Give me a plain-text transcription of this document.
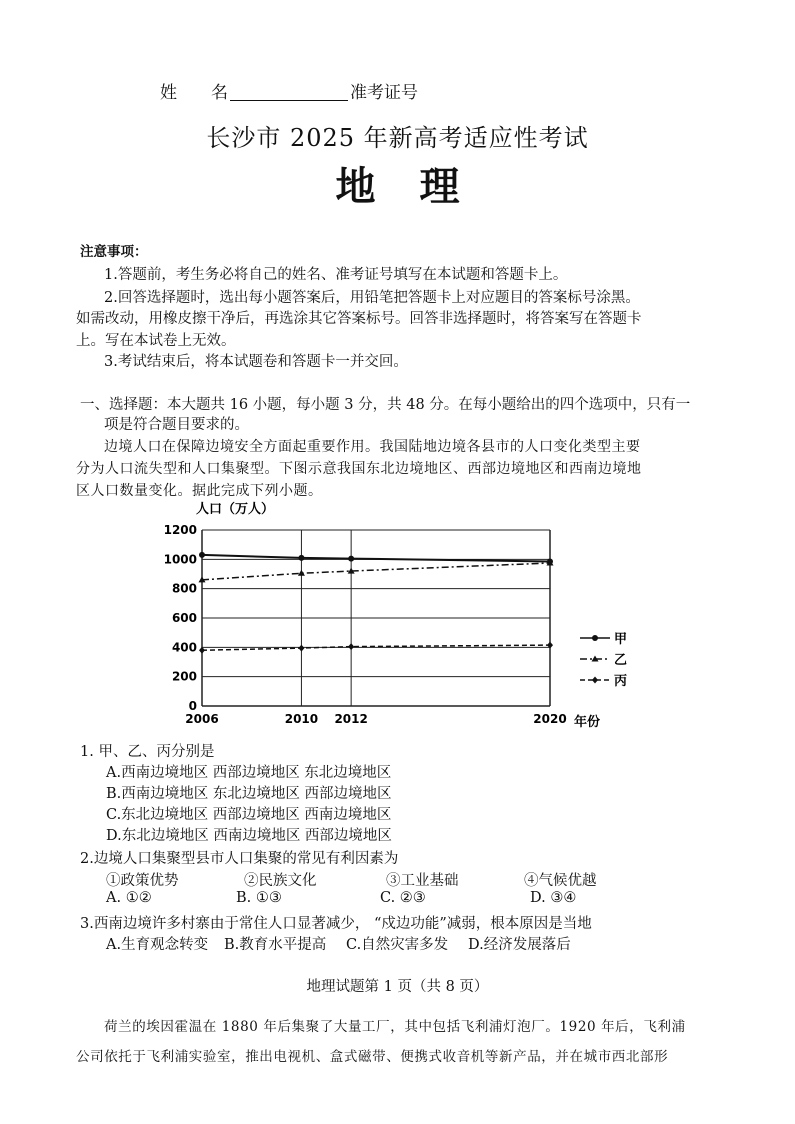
姓　　名	准考证号
长沙市 2025 年新高考适应性考试
地理
注意事项：
1.答题前，考生务必将自己的姓名、准考证号填写在本试题和答题卡上。
2.回答选择题时，选出每小题答案后，用铅笔把答题卡上对应题目的答案标号涂黑。
如需改动，用橡皮擦干净后，再选涂其它答案标号。回答非选择题时，将答案写在答题卡
上。写在本试卷上无效。
3.考试结束后，将本试题卷和答题卡一并交回。
一、选择题：本大题共 16 小题，每小题 3 分，共 48 分。在每小题给出的四个选项中，只有一
项是符合题目要求的。
边境人口在保障边境安全方面起重要作用。我国陆地边境各县市的人口变化类型主要
分为人口流失型和人口集聚型。下图示意我国东北边境地区、西部边境地区和西南边境地
区人口数量变化。据此完成下列小题。
人口（万人）
年份
0
200
400
600
800
1000
1200
2006	2010 2012	2020
甲
乙
丙
1. 甲、乙、丙分别是
A.西南边境地区 西部边境地区 东北边境地区
B.西南边境地区 东北边境地区 西部边境地区
C.东北边境地区 西部边境地区 西南边境地区
D.东北边境地区 西南边境地区 西部边境地区
2.边境人口集聚型县市人口集聚的常见有利因素为
①政策优势	②民族文化	③工业基础	④气候优越
A. ①②	B. ①③	C. ②③	D. ③④
3.西南边境许多村寨由于常住人口显著减少， “戍边功能”减弱，根本原因是当地
A.生育观念转变 B.教育水平提高 C.自然灾害多发 D.经济发展落后
地理试题第 1 页（共 8 页）
荷兰的埃因霍温在 1880 年后集聚了大量工厂，其中包括飞利浦灯泡厂。1920 年后，飞利浦
公司依托于飞利浦实验室，推出电视机、盒式磁带、便携式收音机等新产品，并在城市西北部形
